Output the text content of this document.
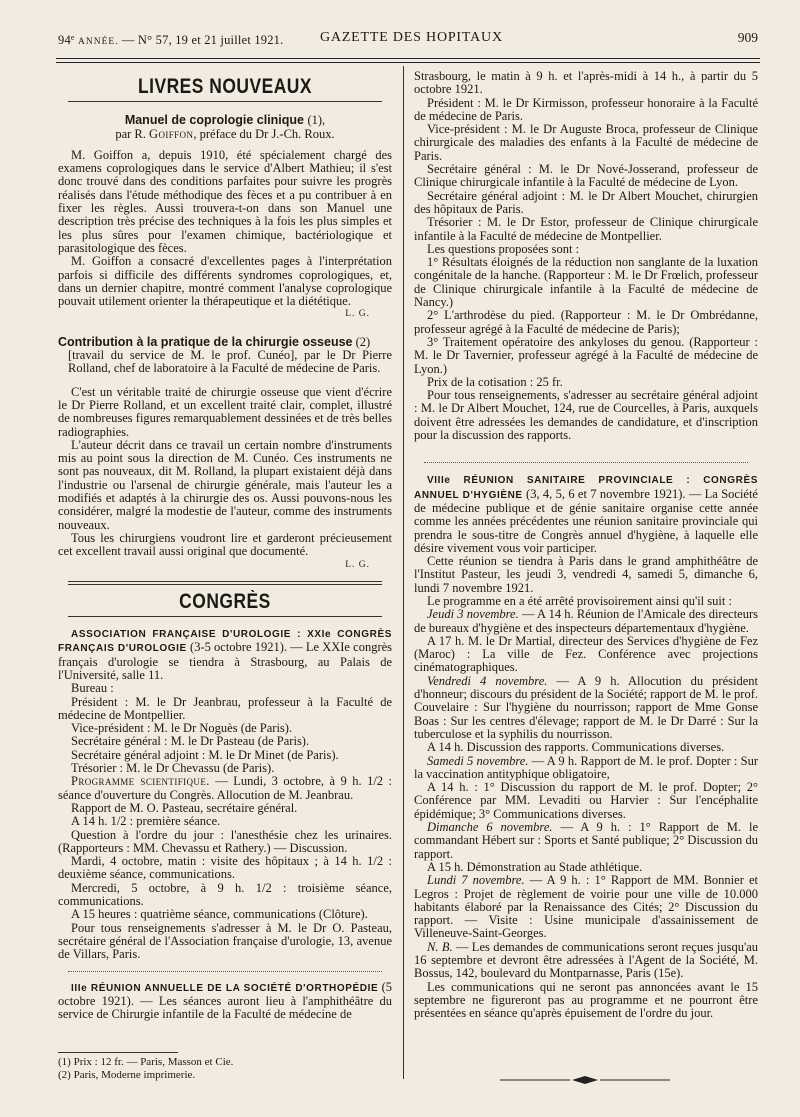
94e ANNÉE. — N° 57, 19 et 21 juillet 1921.	GAZETTE DES HOPITAUX	909
LIVRES NOUVEAUX
Manuel de coprologie clinique (1),
par R. Goiffon, préface du Dr J.-Ch. Roux.

M. Goiffon a, depuis 1910, été spécialement chargé des examens coprologiques dans le service d'Albert Mathieu; il s'est donc trouvé dans des conditions parfaites pour suivre les progrès réalisés dans l'étude méthodique des fèces et a pu contribuer à en fixer les règles. Aussi trouvera-t-on dans son Manuel une description très précise des techniques à la fois les plus simples et les plus sûres pour l'examen chimique, bactériologique et parasitologique des fèces.

M. Goiffon a consacré d'excellentes pages à l'interprétation parfois si difficile des différents syndromes coprologiques, et, dans un dernier chapitre, montré comment l'analyse coprologique pouvait utilement orienter la thérapeutique et la diététique.

L. G.

Contribution à la pratique de la chirurgie osseuse (2)

[travail du service de M. le prof. Cunéo], par le Dr Pierre Rolland, chef de laboratoire à la Faculté de médecine de Paris.

C'est un véritable traité de chirurgie osseuse que vient d'écrire le Dr Pierre Rolland, et un excellent traité clair, complet, illustré de nombreuses figures remarquablement dessinées et de très belles radiographies.

L'auteur décrit dans ce travail un certain nombre d'instruments mis au point sous la direction de M. Cunéo. Ces instruments ne sont pas nouveaux, dit M. Rolland, la plupart existaient déjà dans l'industrie ou l'arsenal de chirurgie générale, mais l'auteur les a modifiés et adaptés à la chirurgie des os. Aussi pouvons-nous les considérer, malgré la modestie de l'auteur, comme des instruments nouveaux.

Tous les chirurgiens voudront lire et garderont précieusement cet excellent travail aussi original que documenté.

L. G.
CONGRÈS

ASSOCIATION FRANÇAISE D'UROLOGIE : XXIe CONGRÈS FRANÇAIS D'UROLOGIE (3-5 octobre 1921). — Le XXIe congrès français d'urologie se tiendra à Strasbourg, au Palais de l'Université, salle 11.

Bureau :

Président : M. le Dr Jeanbrau, professeur à la Faculté de médecine de Montpellier.

Vice-président : M. le Dr Noguès (de Paris).

Secrétaire général : M. le Dr Pasteau (de Paris).

Secrétaire général adjoint : M. le Dr Minet (de Paris).

Trésorier : M. le Dr Chevassu (de Paris).

Programme scientifique. — Lundi, 3 octobre, à 9 h. 1/2 : séance d'ouverture du Congrès. Allocution de M. Jeanbrau.

Rapport de M. O. Pasteau, secrétaire général.

A 14 h. 1/2 : première séance.

Question à l'ordre du jour : l'anesthésie chez les urinaires. (Rapporteurs : MM. Chevassu et Rathery.) — Discussion.

Mardi, 4 octobre, matin : visite des hôpitaux ; à 14 h. 1/2 : deuxième séance, communications.

Mercredi, 5 octobre, à 9 h. 1/2 : troisième séance, communications.

A 15 heures : quatrième séance, communications (Clôture).

Pour tous renseignements s'adresser à M. le Dr O. Pasteau, secrétaire général de l'Association française d'urologie, 13, avenue de Villars, Paris.

IIIe RÉUNION ANNUELLE DE LA SOCIÉTÉ D'ORTHOPÉDIE (5 octobre 1921). — Les séances auront lieu à l'amphithéâtre du service de Chirurgie infantile de la Faculté de médecine de

(1) Prix : 12 fr. — Paris, Masson et Cie.
(2) Paris, Moderne imprimerie.

Strasbourg, le matin à 9 h. et l'après-midi à 14 h., à partir du 5 octobre 1921.

Président : M. le Dr Kirmisson, professeur honoraire à la Faculté de médecine de Paris.

Vice-président : M. le Dr Auguste Broca, professeur de Clinique chirurgicale des maladies des enfants à la Faculté de médecine de Paris.

Secrétaire général : M. le Dr Nové-Josserand, professeur de Clinique chirurgicale infantile à la Faculté de médecine de Lyon.

Secrétaire général adjoint : M. le Dr Albert Mouchet, chirurgien des hôpitaux de Paris.

Trésorier : M. le Dr Estor, professeur de Clinique chirurgicale infantile à la Faculté de médecine de Montpellier.

Les questions proposées sont :

1° Résultats éloignés de la réduction non sanglante de la luxation congénitale de la hanche. (Rapporteur : M. le Dr Frœlich, professeur de Clinique chirurgicale infantile à la Faculté de médecine de Nancy.)

2° L'arthrodèse du pied. (Rapporteur : M. le Dr Ombrédanne, professeur agrégé à la Faculté de médecine de Paris);

3° Traitement opératoire des ankyloses du genou. (Rapporteur : M. le Dr Tavernier, professeur agrégé à la Faculté de médecine de Lyon.)

Prix de la cotisation : 25 fr.

Pour tous renseignements, s'adresser au secrétaire général adjoint : M. le Dr Albert Mouchet, 124, rue de Courcelles, à Paris, auxquels doivent être adressées les demandes de candidature, et d'inscription pour la discussion des rapports.

VIIIe RÉUNION SANITAIRE PROVINCIALE : CONGRÈS ANNUEL D'HYGIÈNE (3, 4, 5, 6 et 7 novembre 1921). — La Société de médecine publique et de génie sanitaire organise cette année comme les années précédentes une réunion sanitaire provinciale qui prendra le sous-titre de Congrès annuel d'hygiène, à laquelle elle désire vivement vous voir participer.

Cette réunion se tiendra à Paris dans le grand amphithéâtre de l'Institut Pasteur, les jeudi 3, vendredi 4, samedi 5, dimanche 6, lundi 7 novembre 1921.

Le programme en a été arrêté provisoirement ainsi qu'il suit :

Jeudi 3 novembre. — A 14 h. Réunion de l'Amicale des directeurs de bureaux d'hygiène et des inspecteurs départementaux d'hygiène.

A 17 h. M. le Dr Martial, directeur des Services d'hygiène de Fez (Maroc) : La ville de Fez. Conférence avec projections cinématographiques.

Vendredi 4 novembre. — A 9 h. Allocution du président d'honneur; discours du président de la Société; rapport de M. le prof. Couvelaire : Sur l'hygiène du nourrisson; rapport de Mme Gonse Boas : Sur les centres d'élevage; rapport de M. le Dr Darré : Sur la tuberculose et la syphilis du nourrisson.

A 14 h. Discussion des rapports. Communications diverses.

Samedi 5 novembre. — A 9 h. Rapport de M. le prof. Dopter : Sur la vaccination antityphique obligatoire,

A 14 h. : 1° Discussion du rapport de M. le prof. Dopter; 2° Conférence par MM. Levaditi ou Harvier : Sur l'encéphalite épidémique; 3° Communications diverses.

Dimanche 6 novembre. — A 9 h. : 1° Rapport de M. le commandant Hébert sur : Sports et Santé publique; 2° Discussion du rapport.

A 15 h. Démonstration au Stade athlétique.

Lundi 7 novembre. — A 9 h. : 1° Rapport de MM. Bonnier et Legros : Projet de règlement de voirie pour une ville de 10.000 habitants élaboré par la Renaissance des Cités; 2° Discussion du rapport. — Visite : Usine municipale d'assainissement de Villeneuve-Saint-Georges.

N. B. — Les demandes de communications seront reçues jusqu'au 16 septembre et devront être adressées à l'Agent de la Société, M. Bossus, 142, boulevard du Montparnasse, Paris (15e).

Les communications qui ne seront pas annoncées avant le 15 septembre ne figureront pas au programme et ne pourront être présentées en séance qu'après épuisement de l'ordre du jour.
